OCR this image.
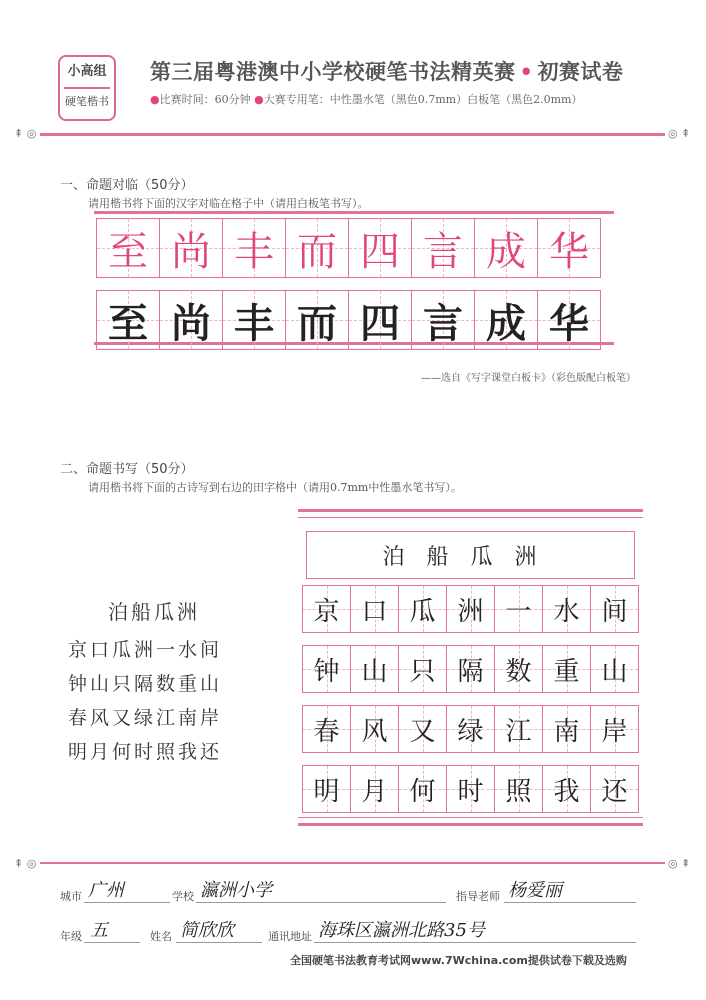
小高组
硬笔楷书
第三届粤港澳中小学校硬笔书法精英赛 • 初赛试卷
●比赛时间：60分钟 ●大赛专用笔：中性墨水笔（黑色0.7mm）白板笔（黑色2.0mm）
⇞ ◎	◎ ⇞
一、命题对临（50分）
请用楷书将下面的汉字对临在格子中（请用白板笔书写）。
至 尚 丰 而 四 言 成 华
至 尚 丰 而 四 言 成 华
——选自《写字课堂白板卡》（彩色版配白板笔）
二、命题书写（50分）
请用楷书将下面的古诗写到右边的田字格中（请用0.7mm中性墨水笔书写）。
泊船瓜洲
京口瓜洲一水间
钟山只隔数重山
春风又绿江南岸
明月何时照我还
泊船瓜洲
京 口 瓜 洲 一 水 间
钟 山 只 隔 数 重 山
春 风 又 绿 江 南 岸
明 月 何 时 照 我 还
⇞ ◎	◎ ⇞
城市 广州	学校 瀛洲小学	指导老师 杨爱丽
年级 五	姓名 简欣欣	通讯地址 海珠区瀛洲北路35号
全国硬笔书法教育考试网www.7Wchina.com提供试卷下载及选购
